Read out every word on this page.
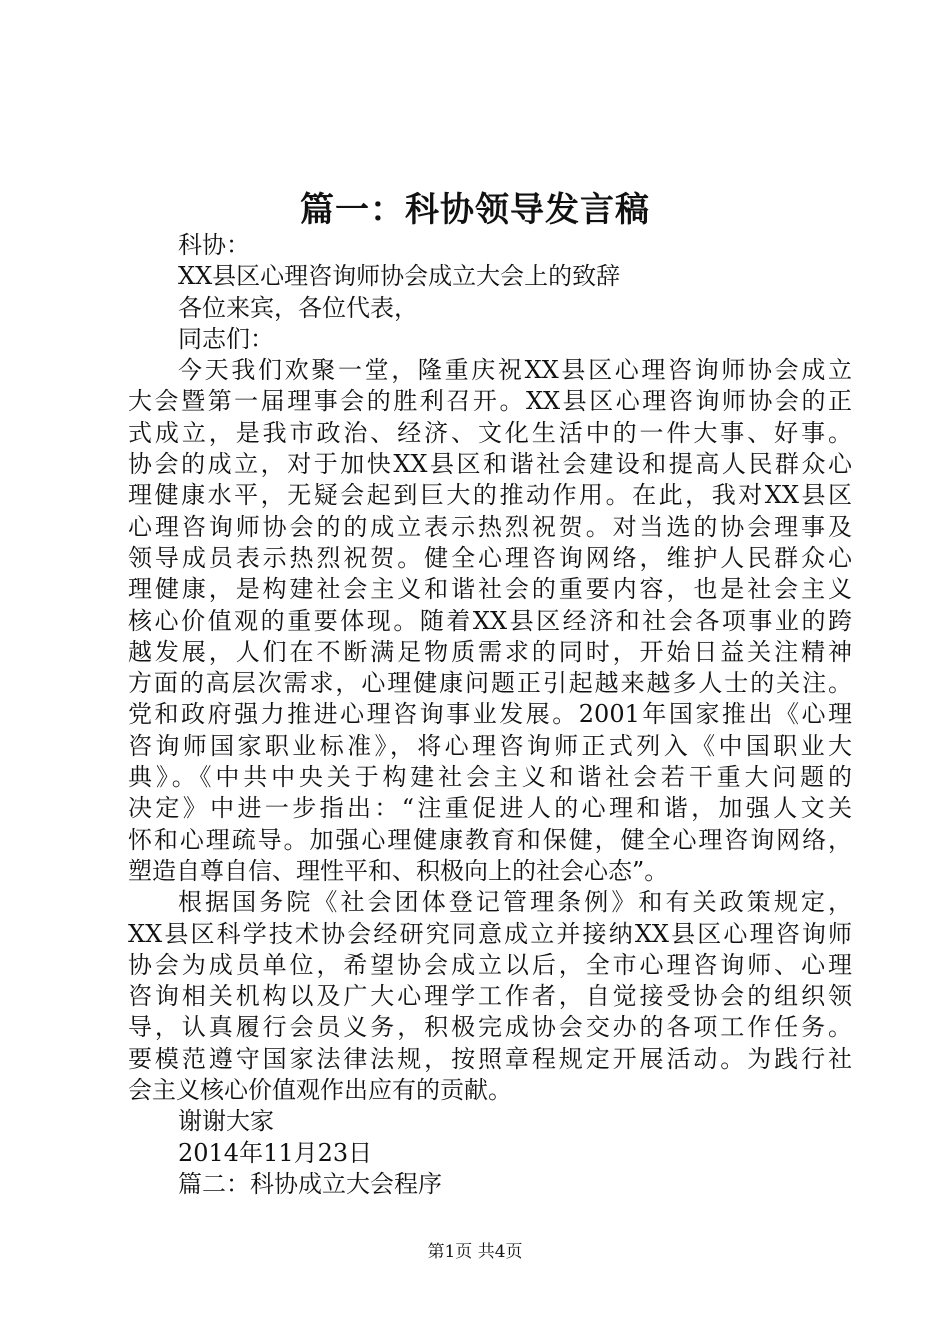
篇一：科协领导发言稿
科协：
XX县区心理咨询师协会成立大会上的致辞
各位来宾，各位代表，
同志们：
今天我们欢聚一堂，隆重庆祝XX县区心理咨询师协会成立
大会暨第一届理事会的胜利召开。XX县区心理咨询师协会的正
式成立，是我市政治、经济、文化生活中的一件大事、好事。
协会的成立，对于加快XX县区和谐社会建设和提高人民群众心
理健康水平，无疑会起到巨大的推动作用。在此，我对XX县区
心理咨询师协会的的成立表示热烈祝贺。对当选的协会理事及
领导成员表示热烈祝贺。健全心理咨询网络，维护人民群众心
理健康，是构建社会主义和谐社会的重要内容，也是社会主义
核心价值观的重要体现。随着XX县区经济和社会各项事业的跨
越发展，人们在不断满足物质需求的同时，开始日益关注精神
方面的高层次需求，心理健康问题正引起越来越多人士的关注。
党和政府强力推进心理咨询事业发展。2001年国家推出《心理
咨询师国家职业标准》，将心理咨询师正式列入《中国职业大
典》。《中共中央关于构建社会主义和谐社会若干重大问题的
决定》中进一步指出：“注重促进人的心理和谐，加强人文关
怀和心理疏导。加强心理健康教育和保健，健全心理咨询网络，
塑造自尊自信、理性平和、积极向上的社会心态”。
根据国务院《社会团体登记管理条例》和有关政策规定，
XX县区科学技术协会经研究同意成立并接纳XX县区心理咨询师
协会为成员单位，希望协会成立以后，全市心理咨询师、心理
咨询相关机构以及广大心理学工作者，自觉接受协会的组织领
导，认真履行会员义务，积极完成协会交办的各项工作任务。
要模范遵守国家法律法规，按照章程规定开展活动。为践行社
会主义核心价值观作出应有的贡献。
谢谢大家
2014年11月23日
篇二：科协成立大会程序
第1页 共4页
